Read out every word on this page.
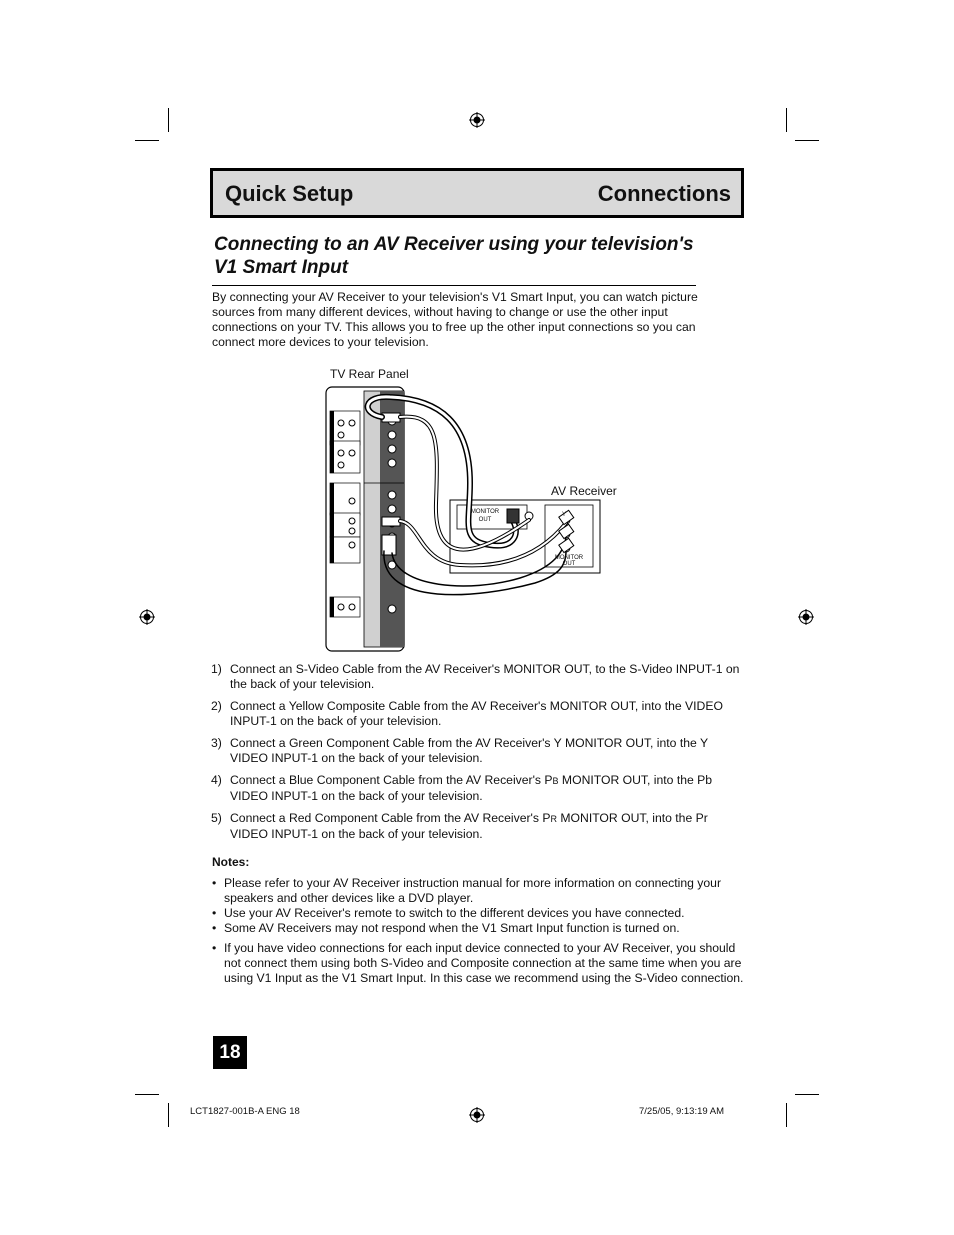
Quick Setup	Connections
Connecting to an AV Receiver using your television's V1 Smart Input
By connecting your AV Receiver to your television's V1 Smart Input, you can watch picture sources from many different devices, without having to change or use the other input connections on your TV. This allows you to free up the other input connections so you can connect more devices to your television.
TV Rear Panel
AV Receiver
MONITOR OUT
Y
MONITOR OUT
1) Connect an S-Video Cable from the AV Receiver's MONITOR OUT, to the S-Video INPUT-1 on the back of your television.
2) Connect a Yellow Composite Cable from the AV Receiver's MONITOR OUT, into the VIDEO INPUT-1 on the back of your television.
3) Connect a Green Component Cable from the AV Receiver's Y MONITOR OUT, into the Y VIDEO INPUT-1 on the back of your television.
4) Connect a Blue Component Cable from the AV Receiver's PB MONITOR OUT, into the Pb VIDEO INPUT-1 on the back of your television.
5) Connect a Red Component Cable from the AV Receiver's PR MONITOR OUT, into the Pr VIDEO INPUT-1 on the back of your television.
Notes:
• Please refer to your AV Receiver instruction manual for more information on connecting your speakers and other devices like a DVD player.
• Use your AV Receiver's remote to switch to the different devices you have connected.
• Some AV Receivers may not respond when the V1 Smart Input function is turned on.
• If you have video connections for each input device connected to your AV Receiver, you should not connect them using both S-Video and Composite connection at the same time when you are using V1 Input as the V1 Smart Input. In this case we recommend using the S-Video connection.
18
LCT1827-001B-A ENG 18	7/25/05, 9:13:19 AM
